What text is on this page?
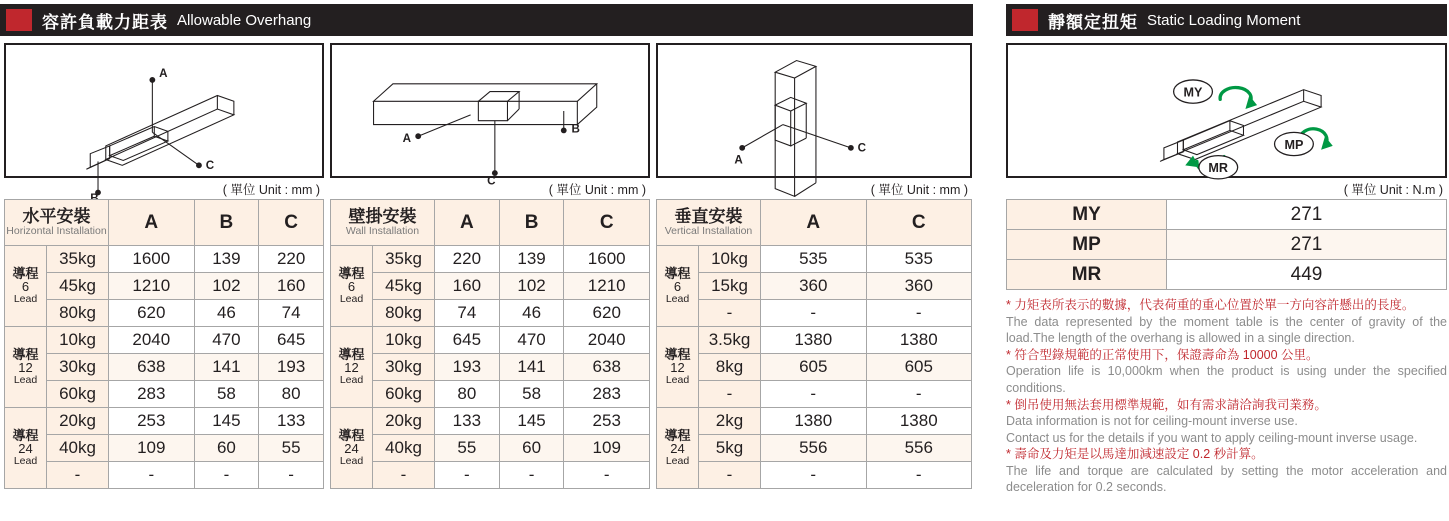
容許負載力距表 Allowable Overhang
A
C
A
B
C
A
C
( 單位 Unit : mm )	( 單位 Unit : mm )	( 單位 Unit : mm )
水平安裝
Horizontal Installation		A	B	C

導程
6
Lead	35kg	1600	139	220
	45kg	1210	102	160
	80kg	620	46	74

導程
12
Lead	10kg	2040	470	645
	30kg	638	141	193
	60kg	283	58	80

導程
24
Lead	20kg	253	145	133
	40kg	109	60	55
	-	-	-	-
壁掛安裝
Wall Installation		A	B	C

導程
6
Lead	35kg	220	139	1600
	45kg	160	102	1210
	80kg	74	46	620

導程
12
Lead	10kg	645	470	2040
	30kg	193	141	638
	60kg	80	58	283

導程
24
Lead	20kg	133	145	253
	40kg	55	60	109
	-	-	-	-
垂直安裝
Vertical Installation		A	C

導程
6
Lead	10kg	535	535
	15kg	360	360
	-	-	-

導程
12
Lead	3.5kg	1380	1380
	8kg	605	605
	-	-	-

導程
24
Lead	2kg	1380	1380
	5kg	556	556
	-	-	-
靜額定扭矩 Static Loading Moment
MY
MP
MR
( 單位 Unit : N.m )
MY	271
MP	271
MR	449
* 力矩表所表示的數據，代表荷重的重心位置於單一方向容許懸出的長度。
The data represented by the moment table is the center of gravity of the load.The length of the overhang is allowed in a single direction.
* 符合型錄規範的正常使用下，保證壽命為 10000 公里。
Operation life is 10,000km when the product is using under the specified conditions.
* 倒吊使用無法套用標準規範，如有需求請洽詢我司業務。
Data information is not for ceiling-mount inverse use.
Contact us for the details if you want to apply ceiling-mount inverse usage.
* 壽命及力矩是以馬達加減速設定 0.2 秒計算。
The life and torque are calculated by setting the motor acceleration and deceleration for 0.2 seconds.
